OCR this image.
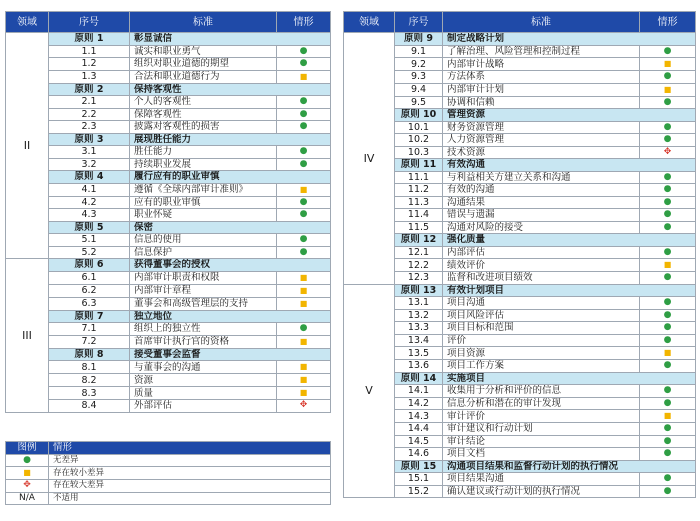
领域	序号	标准	情形
II	原则 1	彰显诚信	
	1.1	诚实和职业勇气	●
	1.2	组织对职业道德的期望	●
	1.3	合法和职业道德行为	■
	原则 2	保持客观性	
	2.1	个人的客观性	●
	2.2	保障客观性	●
	2.3	披露对客观性的损害	●
	原则 3	展现胜任能力	
	3.1	胜任能力	●
	3.2	持续职业发展	●
	原则 4	履行应有的职业审慎	
	4.1	遵循《全球内部审计准则》	■
	4.2	应有的职业审慎	●
	4.3	职业怀疑	●
	原则 5	保密	
	5.1	信息的使用	●
	5.2	信息保护	●
III	原则 6	获得董事会的授权	
	6.1	内部审计职责和权限	■
	6.2	内部审计章程	■
	6.3	董事会和高级管理层的支持	■
	原则 7	独立地位	
	7.1	组织上的独立性	●
	7.2	首席审计执行官的资格	■
	原则 8	接受董事会监督	
	8.1	与董事会的沟通	■
	8.2	资源	■
	8.3	质量	■
	8.4	外部评估	✥
图例	情形
●	无差异
■	存在较小差异
✥	存在较大差异
N/A	不适用
领域	序号	标准	情形
IV	原则 9	制定战略计划	
	9.1	了解治理、风险管理和控制过程	●
	9.2	内部审计战略	■
	9.3	方法体系	●
	9.4	内部审计计划	■
	9.5	协调和信赖	●
	原则 10	管理资源	
	10.1	财务资源管理	●
	10.2	人力资源管理	●
	10.3	技术资源	✥
	原则 11	有效沟通	
	11.1	与利益相关方建立关系和沟通	●
	11.2	有效的沟通	●
	11.3	沟通结果	●
	11.4	错误与遗漏	●
	11.5	沟通对风险的接受	●
	原则 12	强化质量	
	12.1	内部评估	●
	12.2	绩效评价	■
	12.3	监督和改进项目绩效	●
V	原则 13	有效计划项目	
	13.1	项目沟通	●
	13.2	项目风险评估	●
	13.3	项目目标和范围	●
	13.4	评价	●
	13.5	项目资源	■
	13.6	项目工作方案	●
	原则 14	实施项目	
	14.1	收集用于分析和评价的信息	●
	14.2	信息分析和潜在的审计发现	●
	14.3	审计评价	■
	14.4	审计建议和行动计划	●
	14.5	审计结论	●
	14.6	项目文档	●
	原则 15	沟通项目结果和监督行动计划的执行情况	
	15.1	项目结果沟通	●
	15.2	确认建议或行动计划的执行情况	●
